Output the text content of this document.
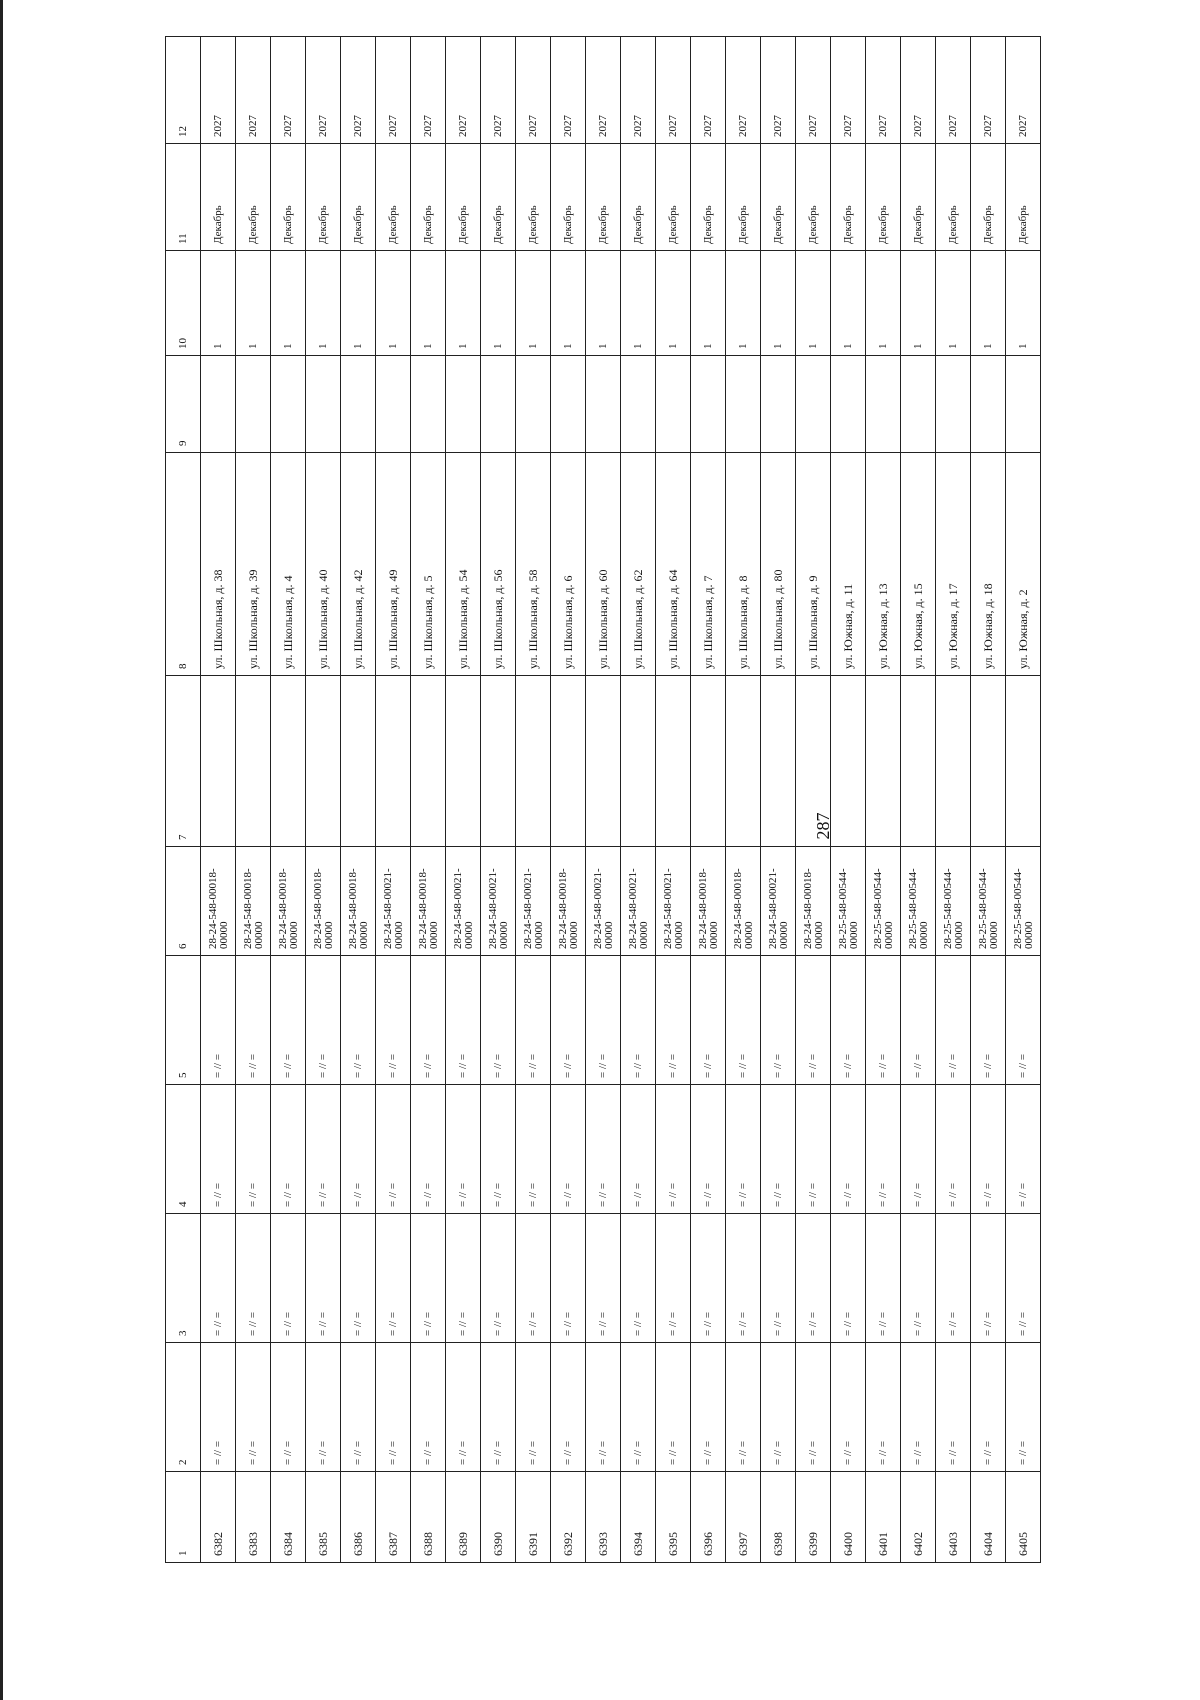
287
1	2	3	4	5	6	7	8	9	10	11	12
6382	= // =	= // =	= // =	= // =	28-24-548-00018-00000		ул. Школьная, д. 38		1	Декабрь	2027
6383	= // =	= // =	= // =	= // =	28-24-548-00018-00000		ул. Школьная, д. 39		1	Декабрь	2027
6384	= // =	= // =	= // =	= // =	28-24-548-00018-00000		ул. Школьная, д. 4		1	Декабрь	2027
6385	= // =	= // =	= // =	= // =	28-24-548-00018-00000		ул. Школьная, д. 40		1	Декабрь	2027
6386	= // =	= // =	= // =	= // =	28-24-548-00018-00000		ул. Школьная, д. 42		1	Декабрь	2027
6387	= // =	= // =	= // =	= // =	28-24-548-00021-00000		ул. Школьная, д. 49		1	Декабрь	2027
6388	= // =	= // =	= // =	= // =	28-24-548-00018-00000		ул. Школьная, д. 5		1	Декабрь	2027
6389	= // =	= // =	= // =	= // =	28-24-548-00021-00000		ул. Школьная, д. 54		1	Декабрь	2027
6390	= // =	= // =	= // =	= // =	28-24-548-00021-00000		ул. Школьная, д. 56		1	Декабрь	2027
6391	= // =	= // =	= // =	= // =	28-24-548-00021-00000		ул. Школьная, д. 58		1	Декабрь	2027
6392	= // =	= // =	= // =	= // =	28-24-548-00018-00000		ул. Школьная, д. 6		1	Декабрь	2027
6393	= // =	= // =	= // =	= // =	28-24-548-00021-00000		ул. Школьная, д. 60		1	Декабрь	2027
6394	= // =	= // =	= // =	= // =	28-24-548-00021-00000		ул. Школьная, д. 62		1	Декабрь	2027
6395	= // =	= // =	= // =	= // =	28-24-548-00021-00000		ул. Школьная, д. 64		1	Декабрь	2027
6396	= // =	= // =	= // =	= // =	28-24-548-00018-00000		ул. Школьная, д. 7		1	Декабрь	2027
6397	= // =	= // =	= // =	= // =	28-24-548-00018-00000		ул. Школьная, д. 8		1	Декабрь	2027
6398	= // =	= // =	= // =	= // =	28-24-548-00021-00000		ул. Школьная, д. 80		1	Декабрь	2027
6399	= // =	= // =	= // =	= // =	28-24-548-00018-00000		ул. Школьная, д. 9		1	Декабрь	2027
6400	= // =	= // =	= // =	= // =	28-25-548-00544-00000		ул. Южная, д. 11		1	Декабрь	2027
6401	= // =	= // =	= // =	= // =	28-25-548-00544-00000		ул. Южная, д. 13		1	Декабрь	2027
6402	= // =	= // =	= // =	= // =	28-25-548-00544-00000		ул. Южная, д. 15		1	Декабрь	2027
6403	= // =	= // =	= // =	= // =	28-25-548-00544-00000		ул. Южная, д. 17		1	Декабрь	2027
6404	= // =	= // =	= // =	= // =	28-25-548-00544-00000		ул. Южная, д. 18		1	Декабрь	2027
6405	= // =	= // =	= // =	= // =	28-25-548-00544-00000		ул. Южная, д. 2		1	Декабрь	2027
